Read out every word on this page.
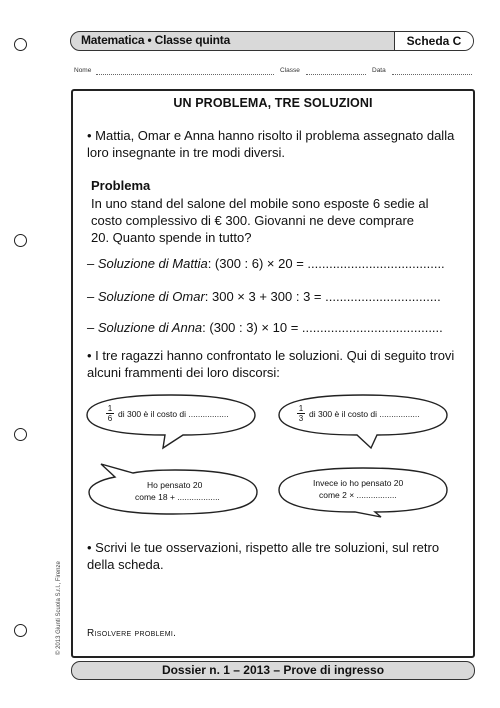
Matematica • Classe quinta	Scheda C
Nome	Classe	Data
UN PROBLEMA, TRE SOLUZIONI
• Mattia, Omar e Anna hanno risolto il problema assegnato dalla loro insegnante in tre modi diversi.
Problema
In uno stand del salone del mobile sono esposte 6 sedie al costo complessivo di € 300. Giovanni ne deve comprare 20. Quanto spende in tutto?
– Soluzione di Mattia: (300 : 6) × 20 = ......................................
– Soluzione di Omar: 300 × 3 + 300 : 3 = ................................
– Soluzione di Anna: (300 : 3) × 10 = .......................................
• I tre ragazzi hanno confrontato le soluzioni. Qui di seguito trovi alcuni frammenti dei loro discorsi:
$\frac{1}{6}$ di 300 è il costo di .................	$\frac{1}{3}$ di 300 è il costo di .................
Ho pensato 20
come 18 + ..................
Invece io ho pensato 20
come 2 × .................
• Scrivi le tue osservazioni, rispetto alle tre soluzioni, sul retro della scheda.
Risolvere problemi.
© 2013 Giunti Scuola S.r.l., Firenze
Dossier n. 1 – 2013 – Prove di ingresso
